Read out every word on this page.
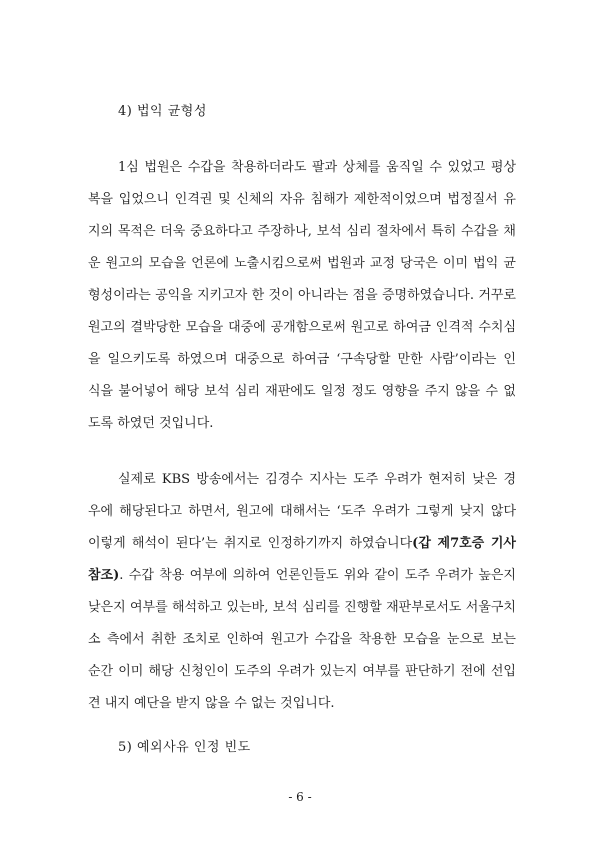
4) 법익 균형성
1심 법원은 수갑을 착용하더라도 팔과 상체를 움직일 수 있었고 평상
복을 입었으니 인격권 및 신체의 자유 침해가 제한적이었으며 법정질서 유
지의 목적은 더욱 중요하다고 주장하나, 보석 심리 절차에서 특히 수갑을 채
운 원고의 모습을 언론에 노출시킴으로써 법원과 교정 당국은 이미 법익 균
형성이라는 공익을 지키고자 한 것이 아니라는 점을 증명하였습니다. 거꾸로
원고의 결박당한 모습을 대중에 공개함으로써 원고로 하여금 인격적 수치심
을 일으키도록 하였으며 대중으로 하여금 ‘구속당할 만한 사람’이라는 인
식을 불어넣어 해당 보석 심리 재판에도 일정 정도 영향을 주지 않을 수 없
도록 하였던 것입니다.
실제로 KBS 방송에서는 김경수 지사는 도주 우려가 현저히 낮은 경
우에 해당된다고 하면서, 원고에 대해서는 ‘도주 우려가 그렇게 낮지 않다
이렇게 해석이 된다’는 취지로 인정하기까지 하였습니다(갑 제7호증 기사
참조). 수갑 착용 여부에 의하여 언론인들도 위와 같이 도주 우려가 높은지
낮은지 여부를 해석하고 있는바, 보석 심리를 진행할 재판부로서도 서울구치
소 측에서 취한 조치로 인하여 원고가 수갑을 착용한 모습을 눈으로 보는
순간 이미 해당 신청인이 도주의 우려가 있는지 여부를 판단하기 전에 선입
견 내지 예단을 받지 않을 수 없는 것입니다.
5) 예외사유 인정 빈도
- 6 -
